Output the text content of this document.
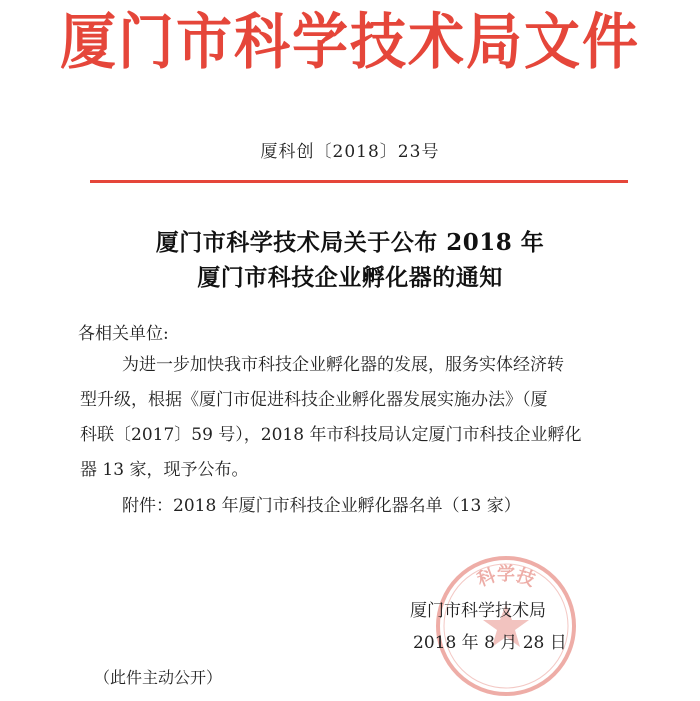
厦门市科学技术局文件
厦科创〔2018〕23号
厦门市科学技术局关于公布 2018 年
厦门市科技企业孵化器的通知
各相关单位:
为进一步加快我市科技企业孵化器的发展，服务实体经济转
型升级，根据《厦门市促进科技企业孵化器发展实施办法》（厦
科联〔2017〕59 号），2018 年市科技局认定厦门市科技企业孵化
器 13 家，现予公布。
附件：2018 年厦门市科技企业孵化器名单（13 家）
科学技
厦门市科学技术局
2018 年 8 月 28 日
（此件主动公开）
